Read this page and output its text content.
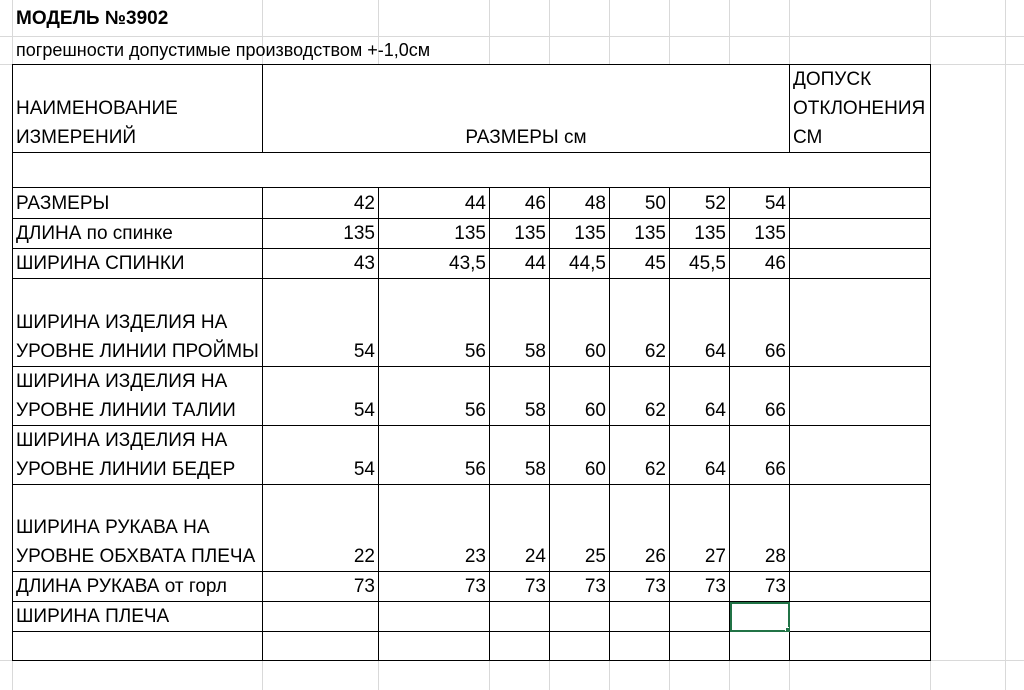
МОДЕЛЬ №3902
погрешности допустимые производством +-1,0см
НАИМЕНОВАНИЕ ИЗМЕРЕНИЙ	РАЗМЕРЫ см							ДОПУСК ОТКЛОНЕНИЯ СМ

РАЗМЕРЫ	42	44	46	48	50	52	54	
ДЛИНА по спинке	135	135	135	135	135	135	135	
ШИРИНА СПИНКИ	43	43,5	44	44,5	45	45,5	46	
ШИРИНА ИЗДЕЛИЯ НА УРОВНЕ ЛИНИИ ПРОЙМЫ	54	56	58	60	62	64	66	
ШИРИНА ИЗДЕЛИЯ НА УРОВНЕ ЛИНИИ ТАЛИИ	54	56	58	60	62	64	66	
ШИРИНА ИЗДЕЛИЯ НА УРОВНЕ ЛИНИИ БЕДЕР	54	56	58	60	62	64	66	
ШИРИНА РУКАВА НА УРОВНЕ ОБХВАТА ПЛЕЧА	22	23	24	25	26	27	28	
ДЛИНА РУКАВА от горл	73	73	73	73	73	73	73	
ШИРИНА ПЛЕЧА								
